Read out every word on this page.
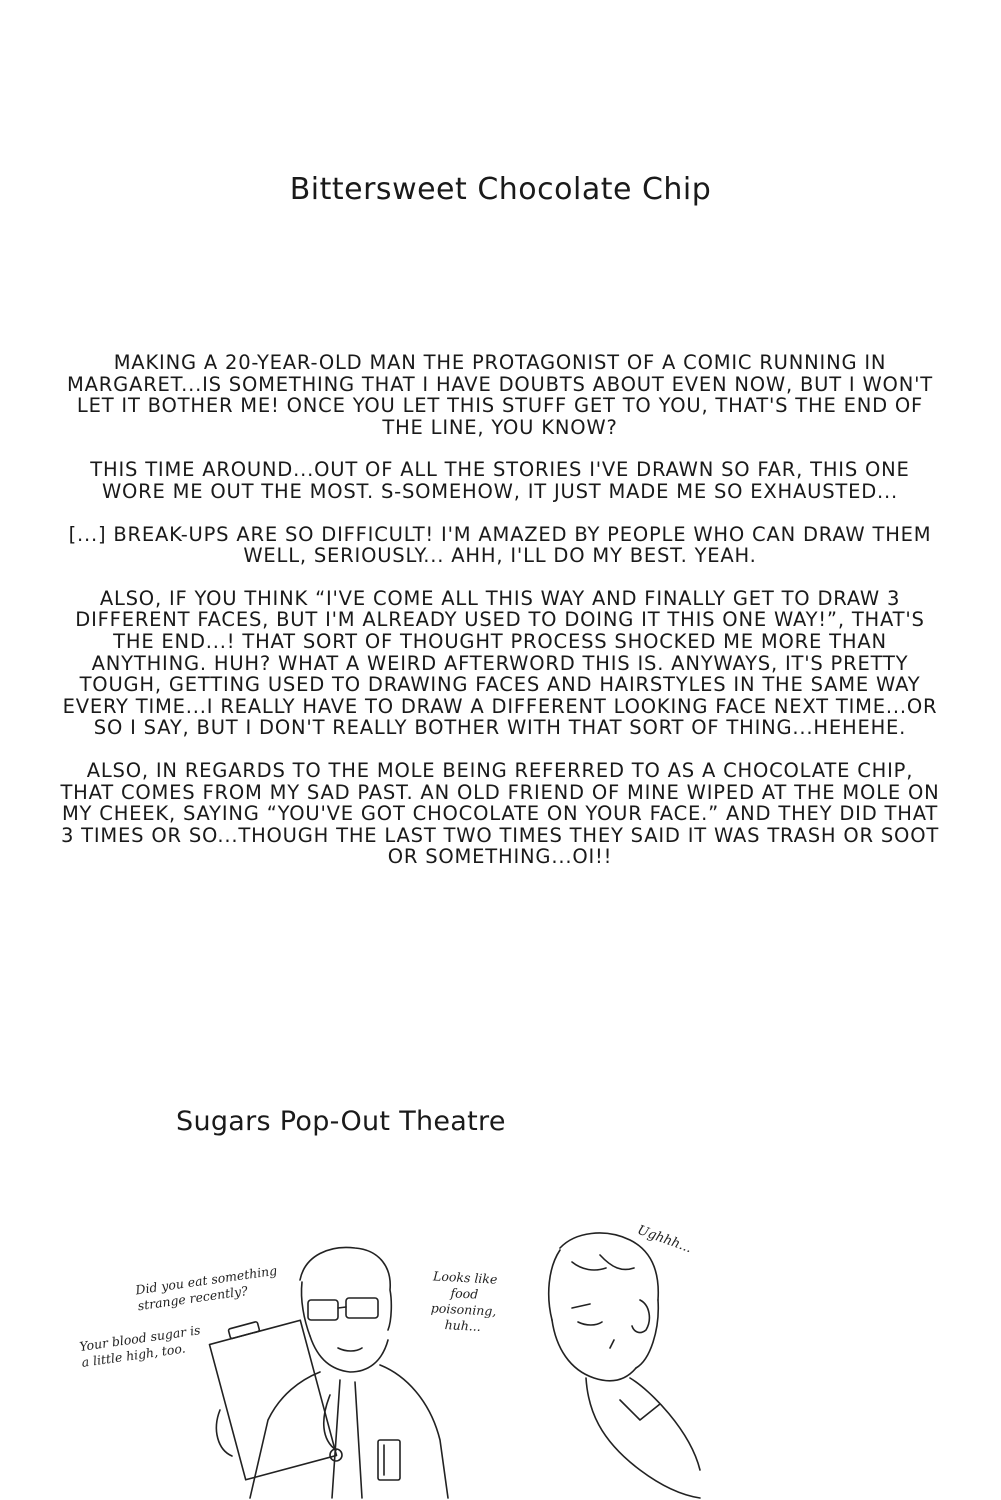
Bittersweet Chocolate Chip

MAKING A 20-YEAR-OLD MAN THE PROTAGONIST OF A COMIC RUNNING IN MARGARET...IS SOMETHING THAT I HAVE DOUBTS ABOUT EVEN NOW, BUT I WON'T LET IT BOTHER ME! ONCE YOU LET THIS STUFF GET TO YOU, THAT'S THE END OF THE LINE, YOU KNOW?

THIS TIME AROUND...OUT OF ALL THE STORIES I'VE DRAWN SO FAR, THIS ONE WORE ME OUT THE MOST. S-SOMEHOW, IT JUST MADE ME SO EXHAUSTED...

[...] BREAK-UPS ARE SO DIFFICULT! I'M AMAZED BY PEOPLE WHO CAN DRAW THEM WELL, SERIOUSLY... AHH, I'LL DO MY BEST. YEAH.

ALSO, IF YOU THINK “I'VE COME ALL THIS WAY AND FINALLY GET TO DRAW 3 DIFFERENT FACES, BUT I'M ALREADY USED TO DOING IT THIS ONE WAY!”, THAT'S THE END...! THAT SORT OF THOUGHT PROCESS SHOCKED ME MORE THAN ANYTHING. HUH? WHAT A WEIRD AFTERWORD THIS IS. ANYWAYS, IT'S PRETTY TOUGH, GETTING USED TO DRAWING FACES AND HAIRSTYLES IN THE SAME WAY EVERY TIME...I REALLY HAVE TO DRAW A DIFFERENT LOOKING FACE NEXT TIME...OR SO I SAY, BUT I DON'T REALLY BOTHER WITH THAT SORT OF THING...HEHEHE.

ALSO, IN REGARDS TO THE MOLE BEING REFERRED TO AS A CHOCOLATE CHIP, THAT COMES FROM MY SAD PAST. AN OLD FRIEND OF MINE WIPED AT THE MOLE ON MY CHEEK, SAYING “YOU'VE GOT CHOCOLATE ON YOUR FACE.” AND THEY DID THAT 3 TIMES OR SO...THOUGH THE LAST TWO TIMES THEY SAID IT WAS TRASH OR SOOT OR SOMETHING...OI!!

Sugars Pop-Out Theatre
Did you eat something strange recently?
Your blood sugar is a little high, too.
Looks like food poisoning, huh...
Ughhh...
